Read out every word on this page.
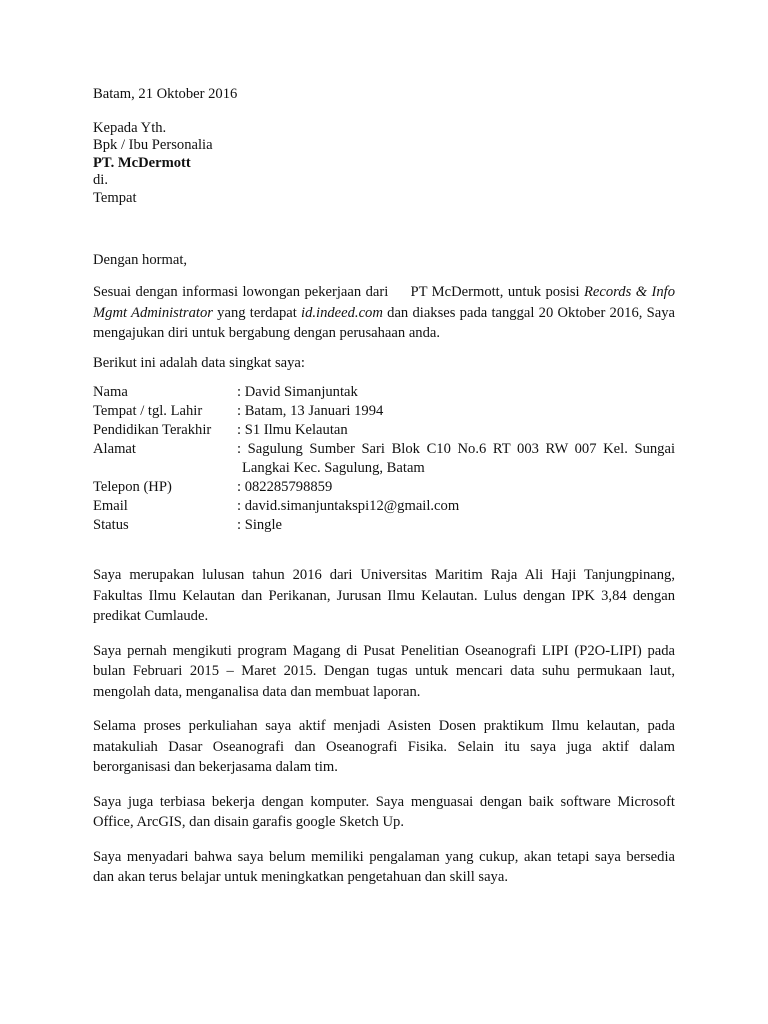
Batam, 21 Oktober 2016
Kepada Yth.
Bpk / Ibu Personalia
PT. McDermott
di.
Tempat
Dengan hormat,

Sesuai dengan informasi lowongan pekerjaan dari     PT McDermott, untuk posisi Records & Info Mgmt Administrator yang terdapat id.indeed.com dan diakses pada tanggal 20 Oktober 2016, Saya mengajukan diri untuk bergabung dengan perusahaan anda.

Berikut ini adalah data singkat saya:
Nama	: David Simanjuntak
Tempat / tgl. Lahir	: Batam, 13 Januari 1994
Pendidikan Terakhir	: S1 Ilmu Kelautan
Alamat	: Sagulung Sumber Sari Blok C10 No.6 RT 003 RW 007 Kel. Sungai
Langkai Kec. Sagulung, Batam

Telepon (HP)	: 082285798859
Email	: david.simanjuntakspi12@gmail.com
Status	: Single

Saya merupakan lulusan tahun 2016 dari Universitas Maritim Raja Ali Haji Tanjungpinang, Fakultas Ilmu Kelautan dan Perikanan, Jurusan Ilmu Kelautan. Lulus dengan IPK 3,84 dengan predikat Cumlaude.

Saya pernah mengikuti program Magang di Pusat Penelitian Oseanografi LIPI (P2O-LIPI) pada bulan Februari 2015 – Maret 2015. Dengan tugas untuk mencari data suhu permukaan laut, mengolah data, menganalisa data dan membuat laporan.

Selama proses perkuliahan saya aktif menjadi Asisten Dosen praktikum Ilmu kelautan, pada matakuliah Dasar Oseanografi dan Oseanografi Fisika. Selain itu saya juga aktif dalam berorganisasi dan bekerjasama dalam tim.

Saya juga terbiasa bekerja dengan komputer. Saya menguasai dengan baik software Microsoft Office, ArcGIS, dan disain garafis google Sketch Up.

Saya menyadari bahwa saya belum memiliki pengalaman yang cukup, akan tetapi saya bersedia dan akan terus belajar untuk meningkatkan pengetahuan dan skill saya.
